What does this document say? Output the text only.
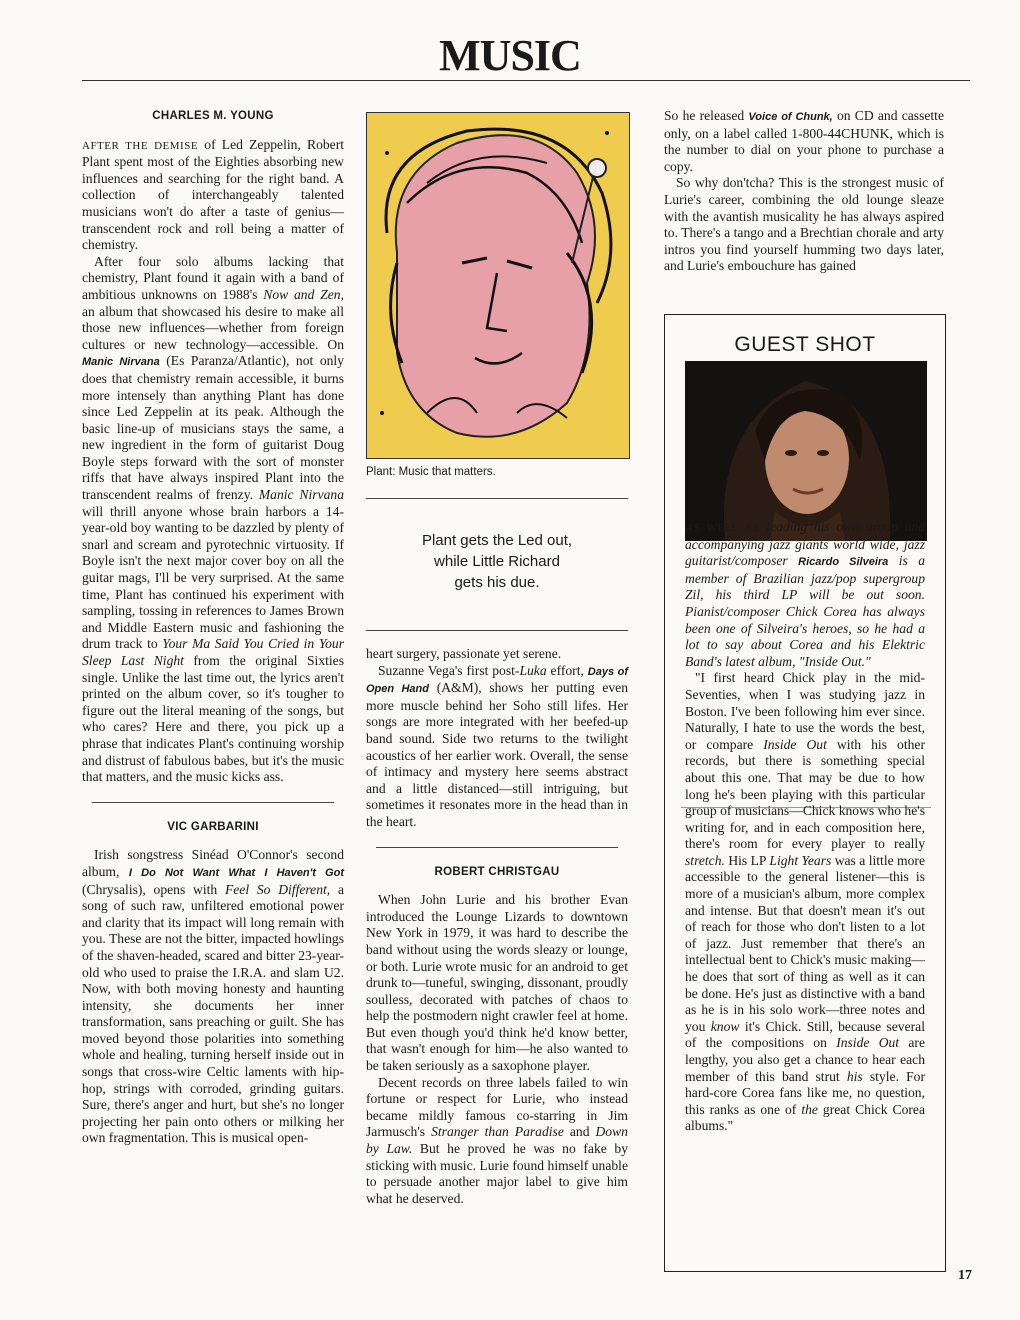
MUSIC
CHARLES M. YOUNG

AFTER THE DEMISE of Led Zeppelin, Robert Plant spent most of the Eighties absorbing new influences and searching for the right band. A collection of interchangeably talented musicians won't do after a taste of genius—transcendent rock and roll being a matter of chemistry.

After four solo albums lacking that chemistry, Plant found it again with a band of ambitious unknowns on 1988's Now and Zen, an album that showcased his desire to make all those new influences—whether from foreign cultures or new technology—accessible. On Manic Nirvana (Es Paranza/Atlantic), not only does that chemistry remain accessible, it burns more intensely than anything Plant has done since Led Zeppelin at its peak. Although the basic line-up of musicians stays the same, a new ingredient in the form of guitarist Doug Boyle steps forward with the sort of monster riffs that have always inspired Plant into the transcendent realms of frenzy. Manic Nirvana will thrill anyone whose brain harbors a 14-year-old boy wanting to be dazzled by plenty of snarl and scream and pyrotechnic virtuosity. If Boyle isn't the next major cover boy on all the guitar mags, I'll be very surprised. At the same time, Plant has continued his experiment with sampling, tossing in references to James Brown and Middle Eastern music and fashioning the drum track to Your Ma Said You Cried in Your Sleep Last Night from the original Sixties single. Unlike the last time out, the lyrics aren't printed on the album cover, so it's tougher to figure out the literal meaning of the songs, but who cares? Here and there, you pick up a phrase that indicates Plant's continuing worship and distrust of fabulous babes, but it's the music that matters, and the music kicks ass.

VIC GARBARINI

Irish songstress Sinéad O'Connor's second album, I Do Not Want What I Haven't Got (Chrysalis), opens with Feel So Different, a song of such raw, unfiltered emotional power and clarity that its impact will long remain with you. These are not the bitter, impacted howlings of the shaven-headed, scared and bitter 23-year-old who used to praise the I.R.A. and slam U2. Now, with both moving honesty and haunting intensity, she documents her inner transformation, sans preaching or guilt. She has moved beyond those polarities into something whole and healing, turning herself inside out in songs that cross-wire Celtic laments with hip-hop, strings with corroded, grinding guitars. Sure, there's anger and hurt, but she's no longer projecting her pain onto others or milking her own fragmentation. This is musical open-

Plant: Music that matters.
Plant gets the Led out,
while Little Richard
gets his due.

heart surgery, passionate yet serene.

Suzanne Vega's first post-Luka effort, Days of Open Hand (A&M), shows her putting even more muscle behind her Soho still lifes. Her songs are more integrated with her beefed-up band sound. Side two returns to the twilight acoustics of her earlier work. Overall, the sense of intimacy and mystery here seems abstract and a little distanced—still intriguing, but sometimes it resonates more in the head than in the heart.

ROBERT CHRISTGAU

When John Lurie and his brother Evan introduced the Lounge Lizards to downtown New York in 1979, it was hard to describe the band without using the words sleazy or lounge, or both. Lurie wrote music for an android to get drunk to—tuneful, swinging, dissonant, proudly soulless, decorated with patches of chaos to help the postmodern night crawler feel at home. But even though you'd think he'd know better, that wasn't enough for him—he also wanted to be taken seriously as a saxophone player.

Decent records on three labels failed to win fortune or respect for Lurie, who instead became mildly famous co-starring in Jim Jarmusch's Stranger than Paradise and Down by Law. But he proved he was no fake by sticking with music. Lurie found himself unable to persuade another major label to give him what he deserved.

So he released Voice of Chunk, on CD and cassette only, on a label called 1-800-44CHUNK, which is the number to dial on your phone to purchase a copy.

So why don'tcha? This is the strongest music of Lurie's career, combining the old lounge sleaze with the avantish musicality he has always aspired to. There's a tango and a Brechtian chorale and arty intros you find yourself humming two days later, and Lurie's embouchure has gained

GUEST SHOT

AS WELL AS leading his own group and accompanying jazz giants world wide, jazz guitarist/composer Ricardo Silveira is a member of Brazilian jazz/pop supergroup Zil, his third LP will be out soon. Pianist/composer Chick Corea has always been one of Silveira's heroes, so he had a lot to say about Corea and his Elektric Band's latest album, "Inside Out."

"I first heard Chick play in the mid-Seventies, when I was studying jazz in Boston. I've been following him ever since. Naturally, I hate to use the words the best, or compare Inside Out with his other records, but there is something special about this one. That may be due to how long he's been playing with this particular group of musicians—Chick knows who he's writing for, and in each composition here, there's room for every player to really stretch. His LP Light Years was a little more accessible to the general listener—this is more of a musician's album, more complex and intense. But that doesn't mean it's out of reach for those who don't listen to a lot of jazz. Just remember that there's an intellectual bent to Chick's music making—he does that sort of thing as well as it can be done. He's just as distinctive with a band as he is in his solo work—three notes and you know it's Chick. Still, because several of the compositions on Inside Out are lengthy, you also get a chance to hear each member of this band strut his style. For hard-core Corea fans like me, no question, this ranks as one of the great Chick Corea albums."

17
